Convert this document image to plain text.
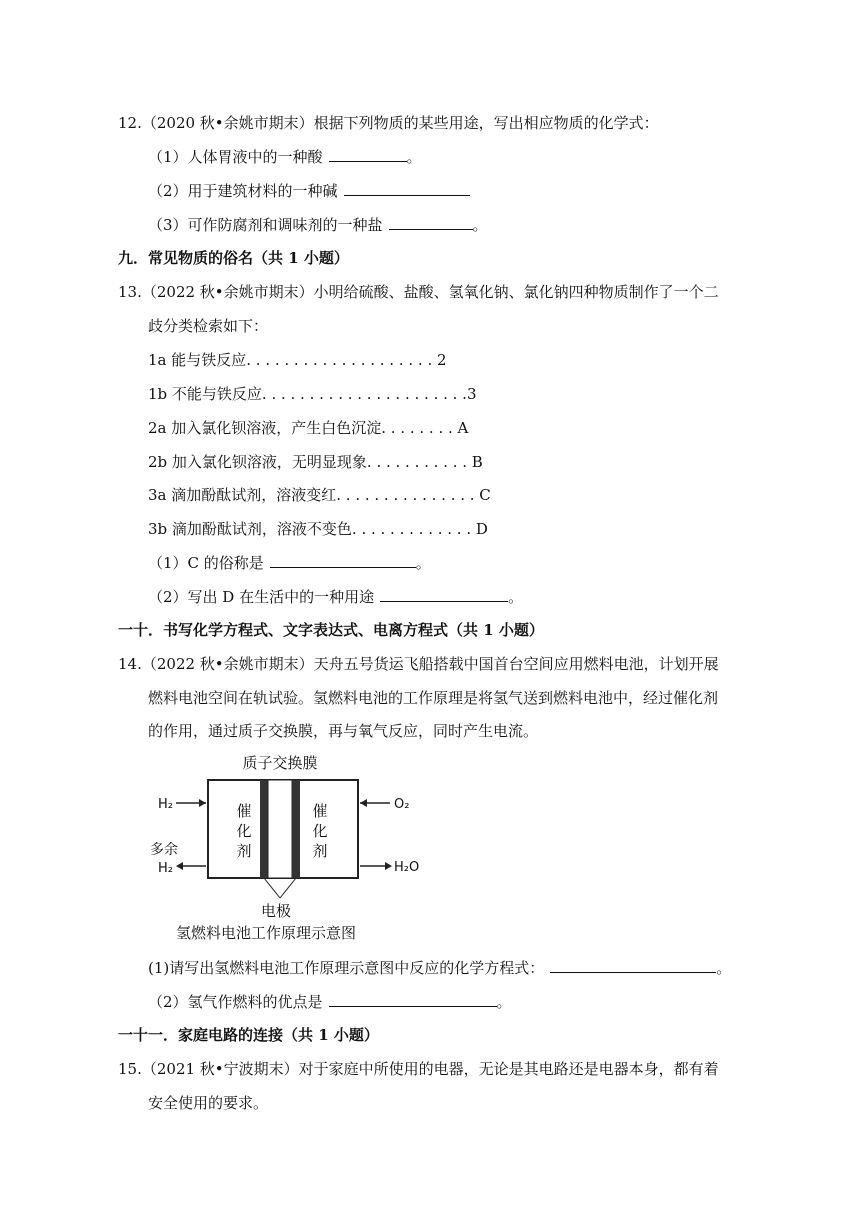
12.（2020 秋•余姚市期末）根据下列物质的某些用途，写出相应物质的化学式：
（1）人体胃液中的一种酸	。
（2）用于建筑材料的一种碱
（3）可作防腐剂和调味剂的一种盐	。
九．常见物质的俗名（共 1 小题）
13.（2022 秋•余姚市期末）小明给硫酸、盐酸、氢氧化钠、氯化钠四种物质制作了一个二
歧分类检索如下：
1a 能与铁反应. . . . . . . . . . . . . . . . . . . . 2
1b 不能与铁反应. . . . . . . . . . . . . . . . . . . . . .3
2a 加入氯化钡溶液，产生白色沉淀. . . . . . . . A
2b 加入氯化钡溶液，无明显现象. . . . . . . . . . . B
3a 滴加酚酞试剂，溶液变红. . . . . . . . . . . . . . . C
3b 滴加酚酞试剂，溶液不变色. . . . . . . . . . . . . D
（1）C 的俗称是	。
（2）写出 D 在生活中的一种用途	。
一十．书写化学方程式、文字表达式、电离方程式（共 1 小题）
14.（2022 秋•余姚市期末）天舟五号货运飞船搭载中国首台空间应用燃料电池，计划开展
燃料电池空间在轨试验。氢燃料电池的工作原理是将氢气送到燃料电池中，经过催化剂
的作用，通过质子交换膜，再与氧气反应，同时产生电流。
质子交换膜
催
化
剂
催
化
剂
H₂
多余
H₂
O₂
H₂O
电极
氢燃料电池工作原理示意图
(1)请写出氢燃料电池工作原理示意图中反应的化学方程式：	。
（2）氢气作燃料的优点是	。
一十一．家庭电路的连接（共 1 小题）
15.（2021 秋•宁波期末）对于家庭中所使用的电器，无论是其电路还是电器本身，都有着
安全使用的要求。
